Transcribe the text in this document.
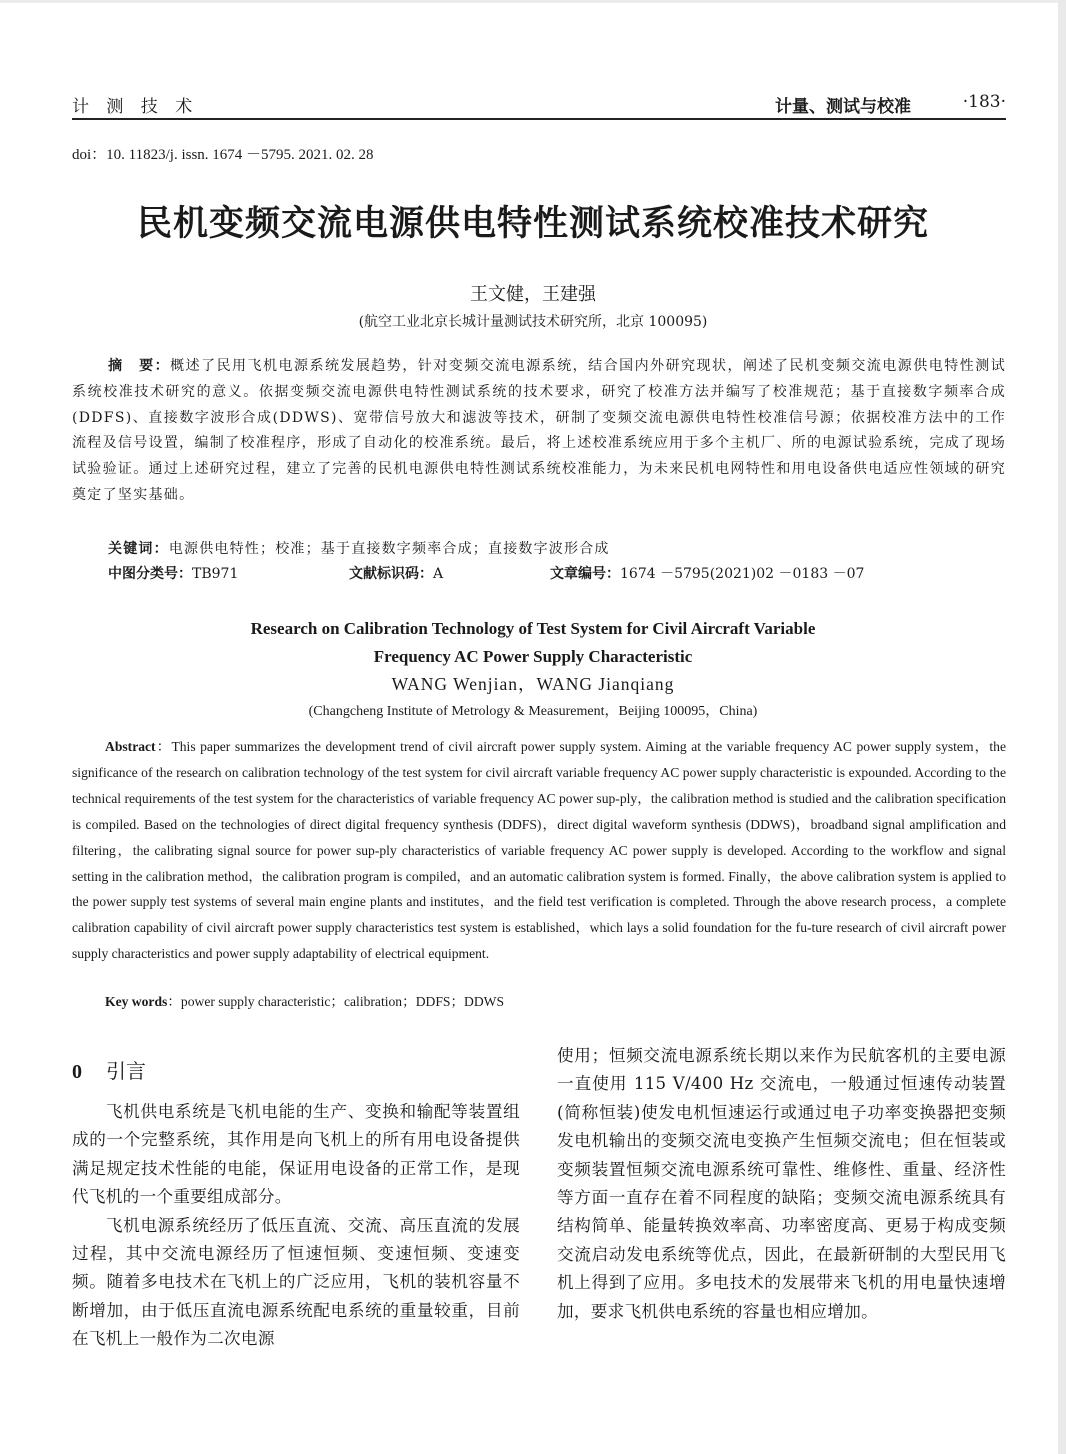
计 测 技 术	计量、测试与校准	·183·
doi：10. 11823/j. issn. 1674 －5795. 2021. 02. 28
民机变频交流电源供电特性测试系统校准技术研究
王文健，王建强
(航空工业北京长城计量测试技术研究所，北京 100095)
摘　要：概述了民用飞机电源系统发展趋势，针对变频交流电源系统，结合国内外研究现状，阐述了民机变频交流电源供电特性测试系统校准技术研究的意义。依据变频交流电源供电特性测试系统的技术要求，研究了校准方法并编写了校准规范；基于直接数字频率合成(DDFS)、直接数字波形合成(DDWS)、宽带信号放大和滤波等技术，研制了变频交流电源供电特性校准信号源；依据校准方法中的工作流程及信号设置，编制了校准程序，形成了自动化的校准系统。最后，将上述校准系统应用于多个主机厂、所的电源试验系统，完成了现场试验验证。通过上述研究过程，建立了完善的民机电源供电特性测试系统校准能力，为未来民机电网特性和用电设备供电适应性领域的研究奠定了坚实基础。
关键词：电源供电特性；校准；基于直接数字频率合成；直接数字波形合成
中图分类号：TB971	文献标识码：A	文章编号：1674 －5795(2021)02 －0183 －07
Research on Calibration Technology of Test System for Civil Aircraft Variable
Frequency AC Power Supply Characteristic
WANG Wenjian，WANG Jianqiang
(Changcheng Institute of Metrology & Measurement，Beijing 100095，China)
Abstract：This paper summarizes the development trend of civil aircraft power supply system. Aiming at the variable frequency AC power supply system，the significance of the research on calibration technology of the test system for civil aircraft variable frequency AC power supply characteristic is expounded. According to the technical requirements of the test system for the characteristics of variable frequency AC power sup-ply，the calibration method is studied and the calibration specification is compiled. Based on the technologies of direct digital frequency synthesis (DDFS)，direct digital waveform synthesis (DDWS)，broadband signal amplification and filtering，the calibrating signal source for power sup-ply characteristics of variable frequency AC power supply is developed. According to the workflow and signal setting in the calibration method，the calibration program is compiled，and an automatic calibration system is formed. Finally，the above calibration system is applied to the power supply test systems of several main engine plants and institutes，and the field test verification is completed. Through the above research process，a complete calibration capability of civil aircraft power supply characteristics test system is established，which lays a solid foundation for the fu-ture research of civil aircraft power supply characteristics and power supply adaptability of electrical equipment.
Key words：power supply characteristic；calibration；DDFS；DDWS
0 引言

飞机供电系统是飞机电能的生产、变换和输配等装置组成的一个完整系统，其作用是向飞机上的所有用电设备提供满足规定技术性能的电能，保证用电设备的正常工作，是现代飞机的一个重要组成部分。

飞机电源系统经历了低压直流、交流、高压直流的发展过程，其中交流电源经历了恒速恒频、变速恒频、变速变频。随着多电技术在飞机上的广泛应用，飞机的装机容量不断增加，由于低压直流电源系统配电系统的重量较重，目前在飞机上一般作为二次电源

使用；恒频交流电源系统长期以来作为民航客机的主要电源一直使用 115 V/400 Hz 交流电，一般通过恒速传动装置(简称恒装)使发电机恒速运行或通过电子功率变换器把变频发电机输出的变频交流电变换产生恒频交流电；但在恒装或变频装置恒频交流电源系统可靠性、维修性、重量、经济性等方面一直存在着不同程度的缺陷；变频交流电源系统具有结构简单、能量转换效率高、功率密度高、更易于构成变频交流启动发电系统等优点，因此，在最新研制的大型民用飞机上得到了应用。多电技术的发展带来飞机的用电量快速增加，要求飞机供电系统的容量也相应增加。
